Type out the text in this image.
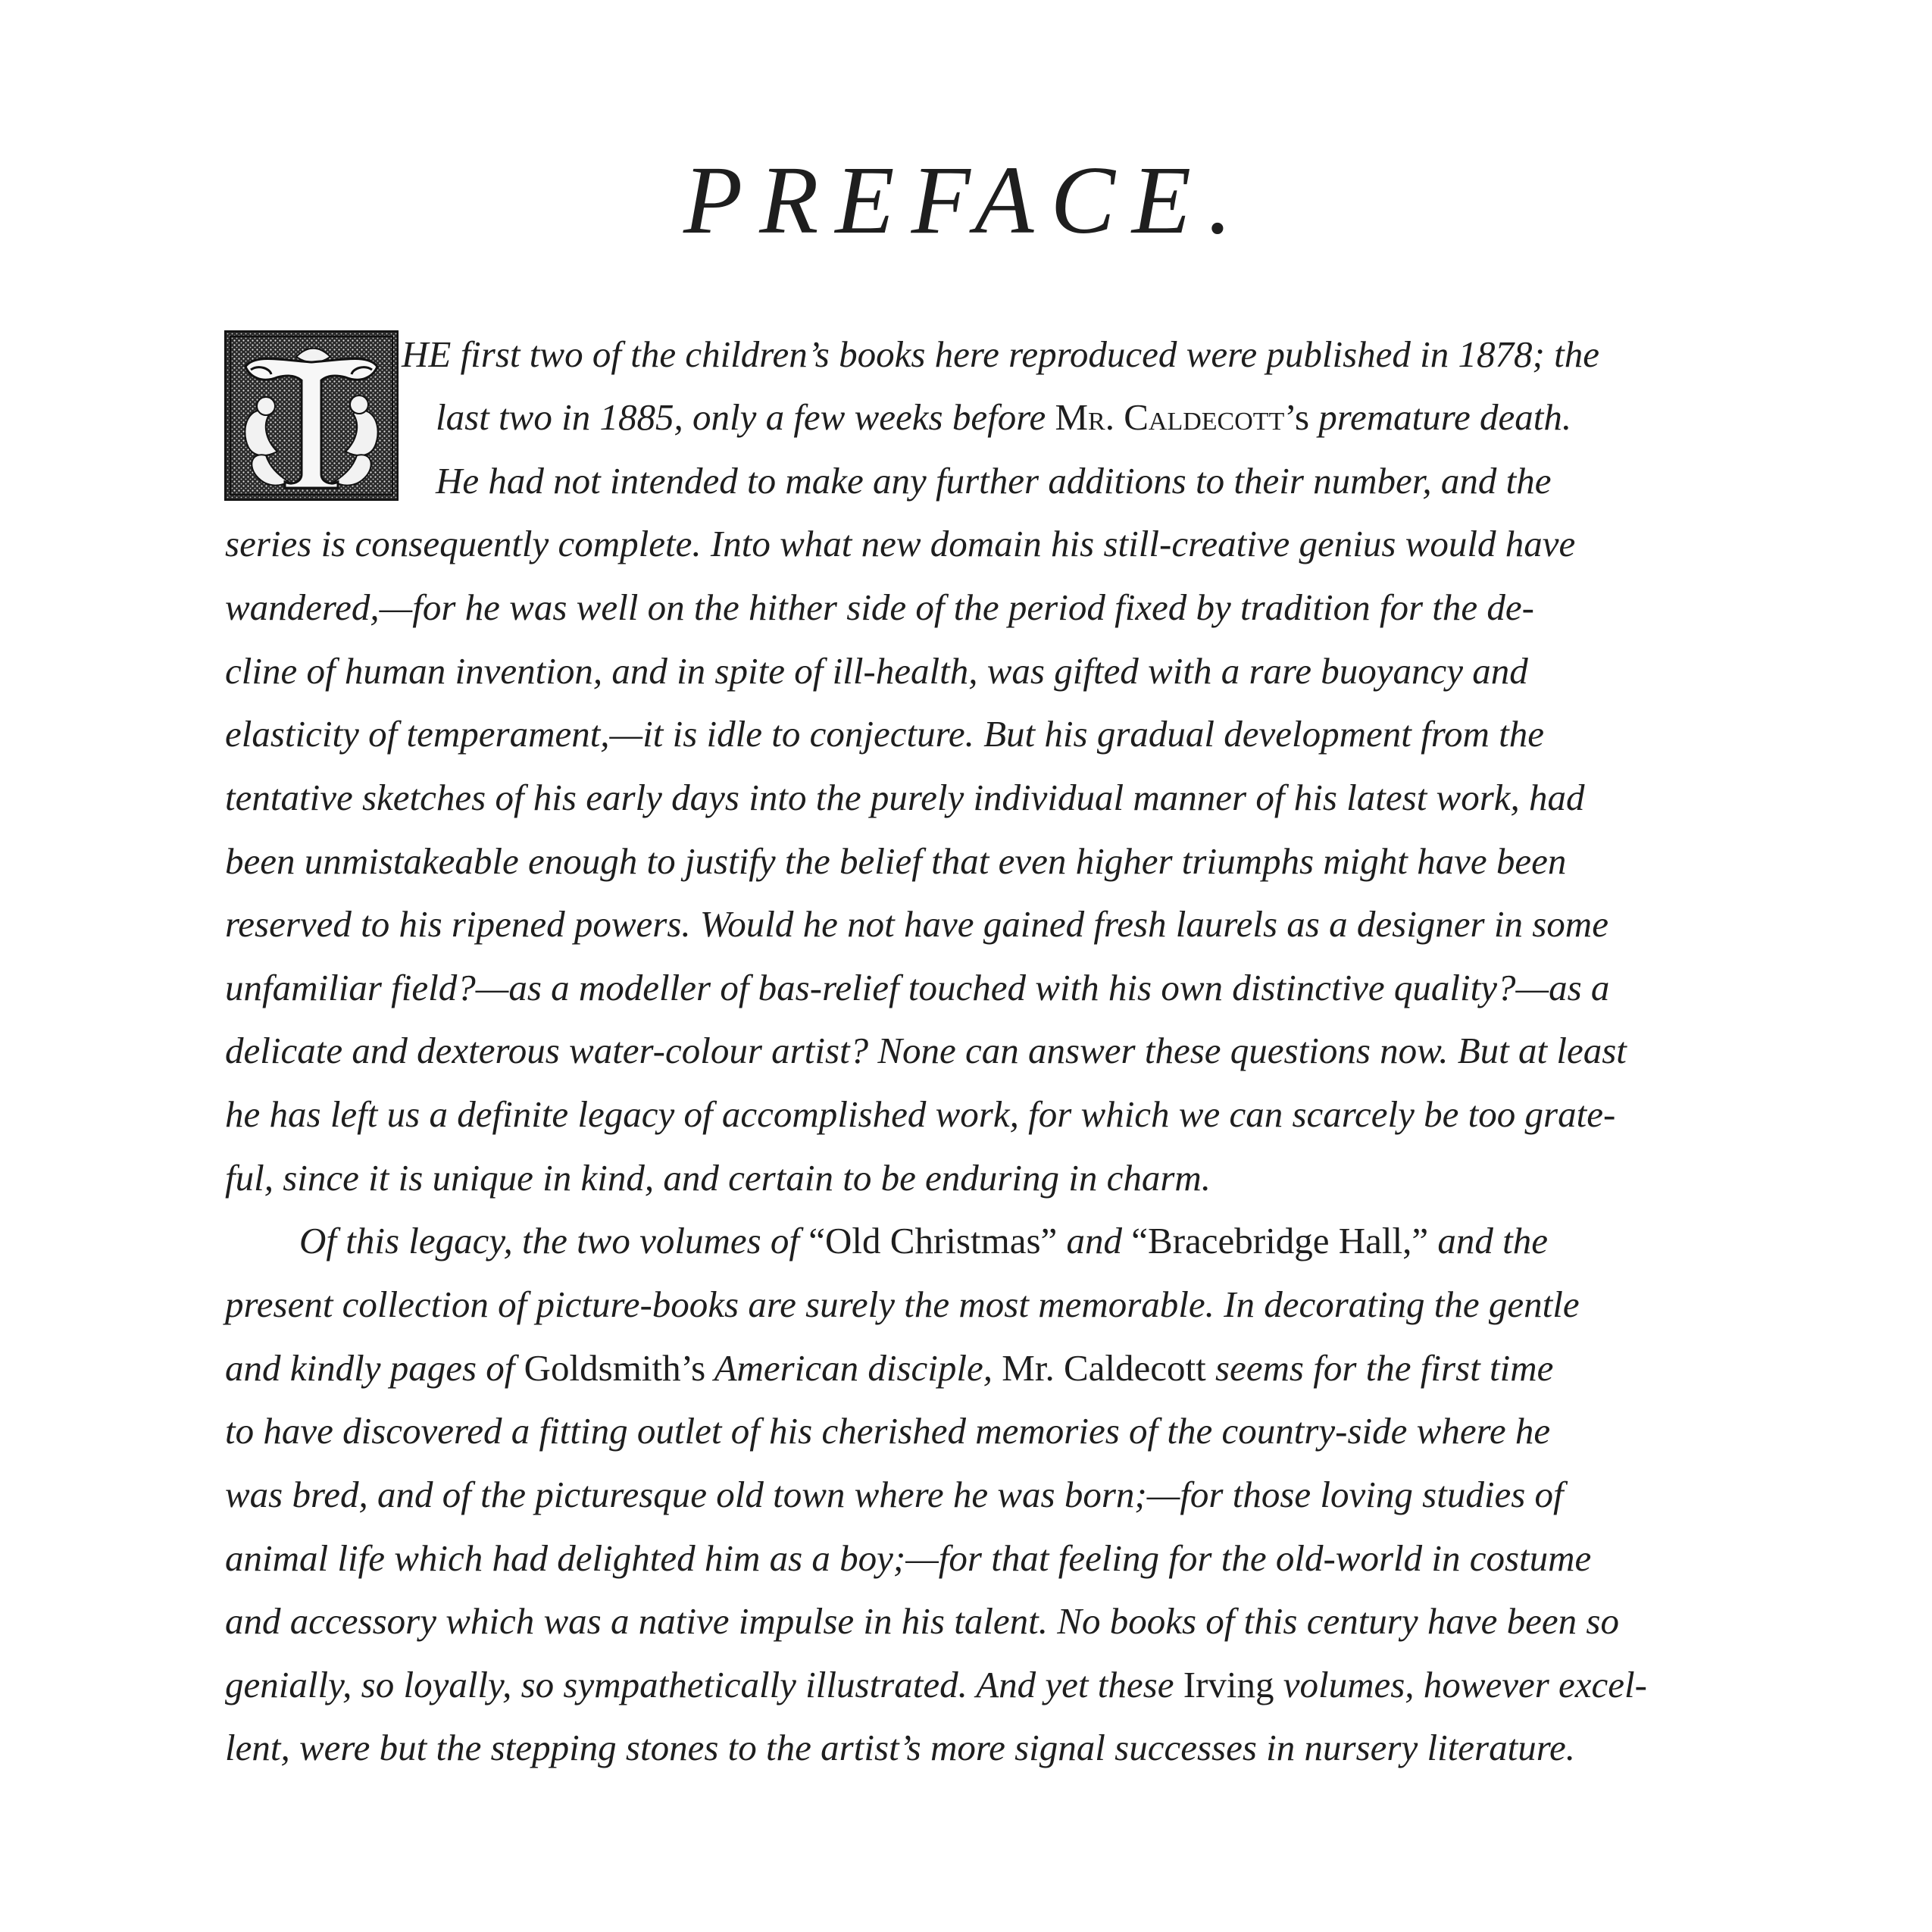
PREFACE.
HE first two of the children’s books here reproduced were published in 1878; the
last two in 1885, only a few weeks before Mr. Caldecott’s premature death.
He had not intended to make any further additions to their number, and the
series is consequently complete. Into what new domain his still-creative genius would have
wandered,—for he was well on the hither side of the period fixed by tradition for the de-
cline of human invention, and in spite of ill-health, was gifted with a rare buoyancy and
elasticity of temperament,—it is idle to conjecture. But his gradual development from the
tentative sketches of his early days into the purely individual manner of his latest work, had
been unmistakeable enough to justify the belief that even higher triumphs might have been
reserved to his ripened powers. Would he not have gained fresh laurels as a designer in some
unfamiliar field?—as a modeller of bas-relief touched with his own distinctive quality?—as a
delicate and dexterous water-colour artist? None can answer these questions now. But at least
he has left us a definite legacy of accomplished work, for which we can scarcely be too grate-
ful, since it is unique in kind, and certain to be enduring in charm.
Of this legacy, the two volumes of “Old Christmas” and “Bracebridge Hall,” and the
present collection of picture-books are surely the most memorable. In decorating the gentle
and kindly pages of Goldsmith’s American disciple, Mr. Caldecott seems for the first time
to have discovered a fitting outlet of his cherished memories of the country-side where he
was bred, and of the picturesque old town where he was born;—for those loving studies of
animal life which had delighted him as a boy;—for that feeling for the old-world in costume
and accessory which was a native impulse in his talent. No books of this century have been so
genially, so loyally, so sympathetically illustrated. And yet these Irving volumes, however excel-
lent, were but the stepping stones to the artist’s more signal successes in nursery literature.
